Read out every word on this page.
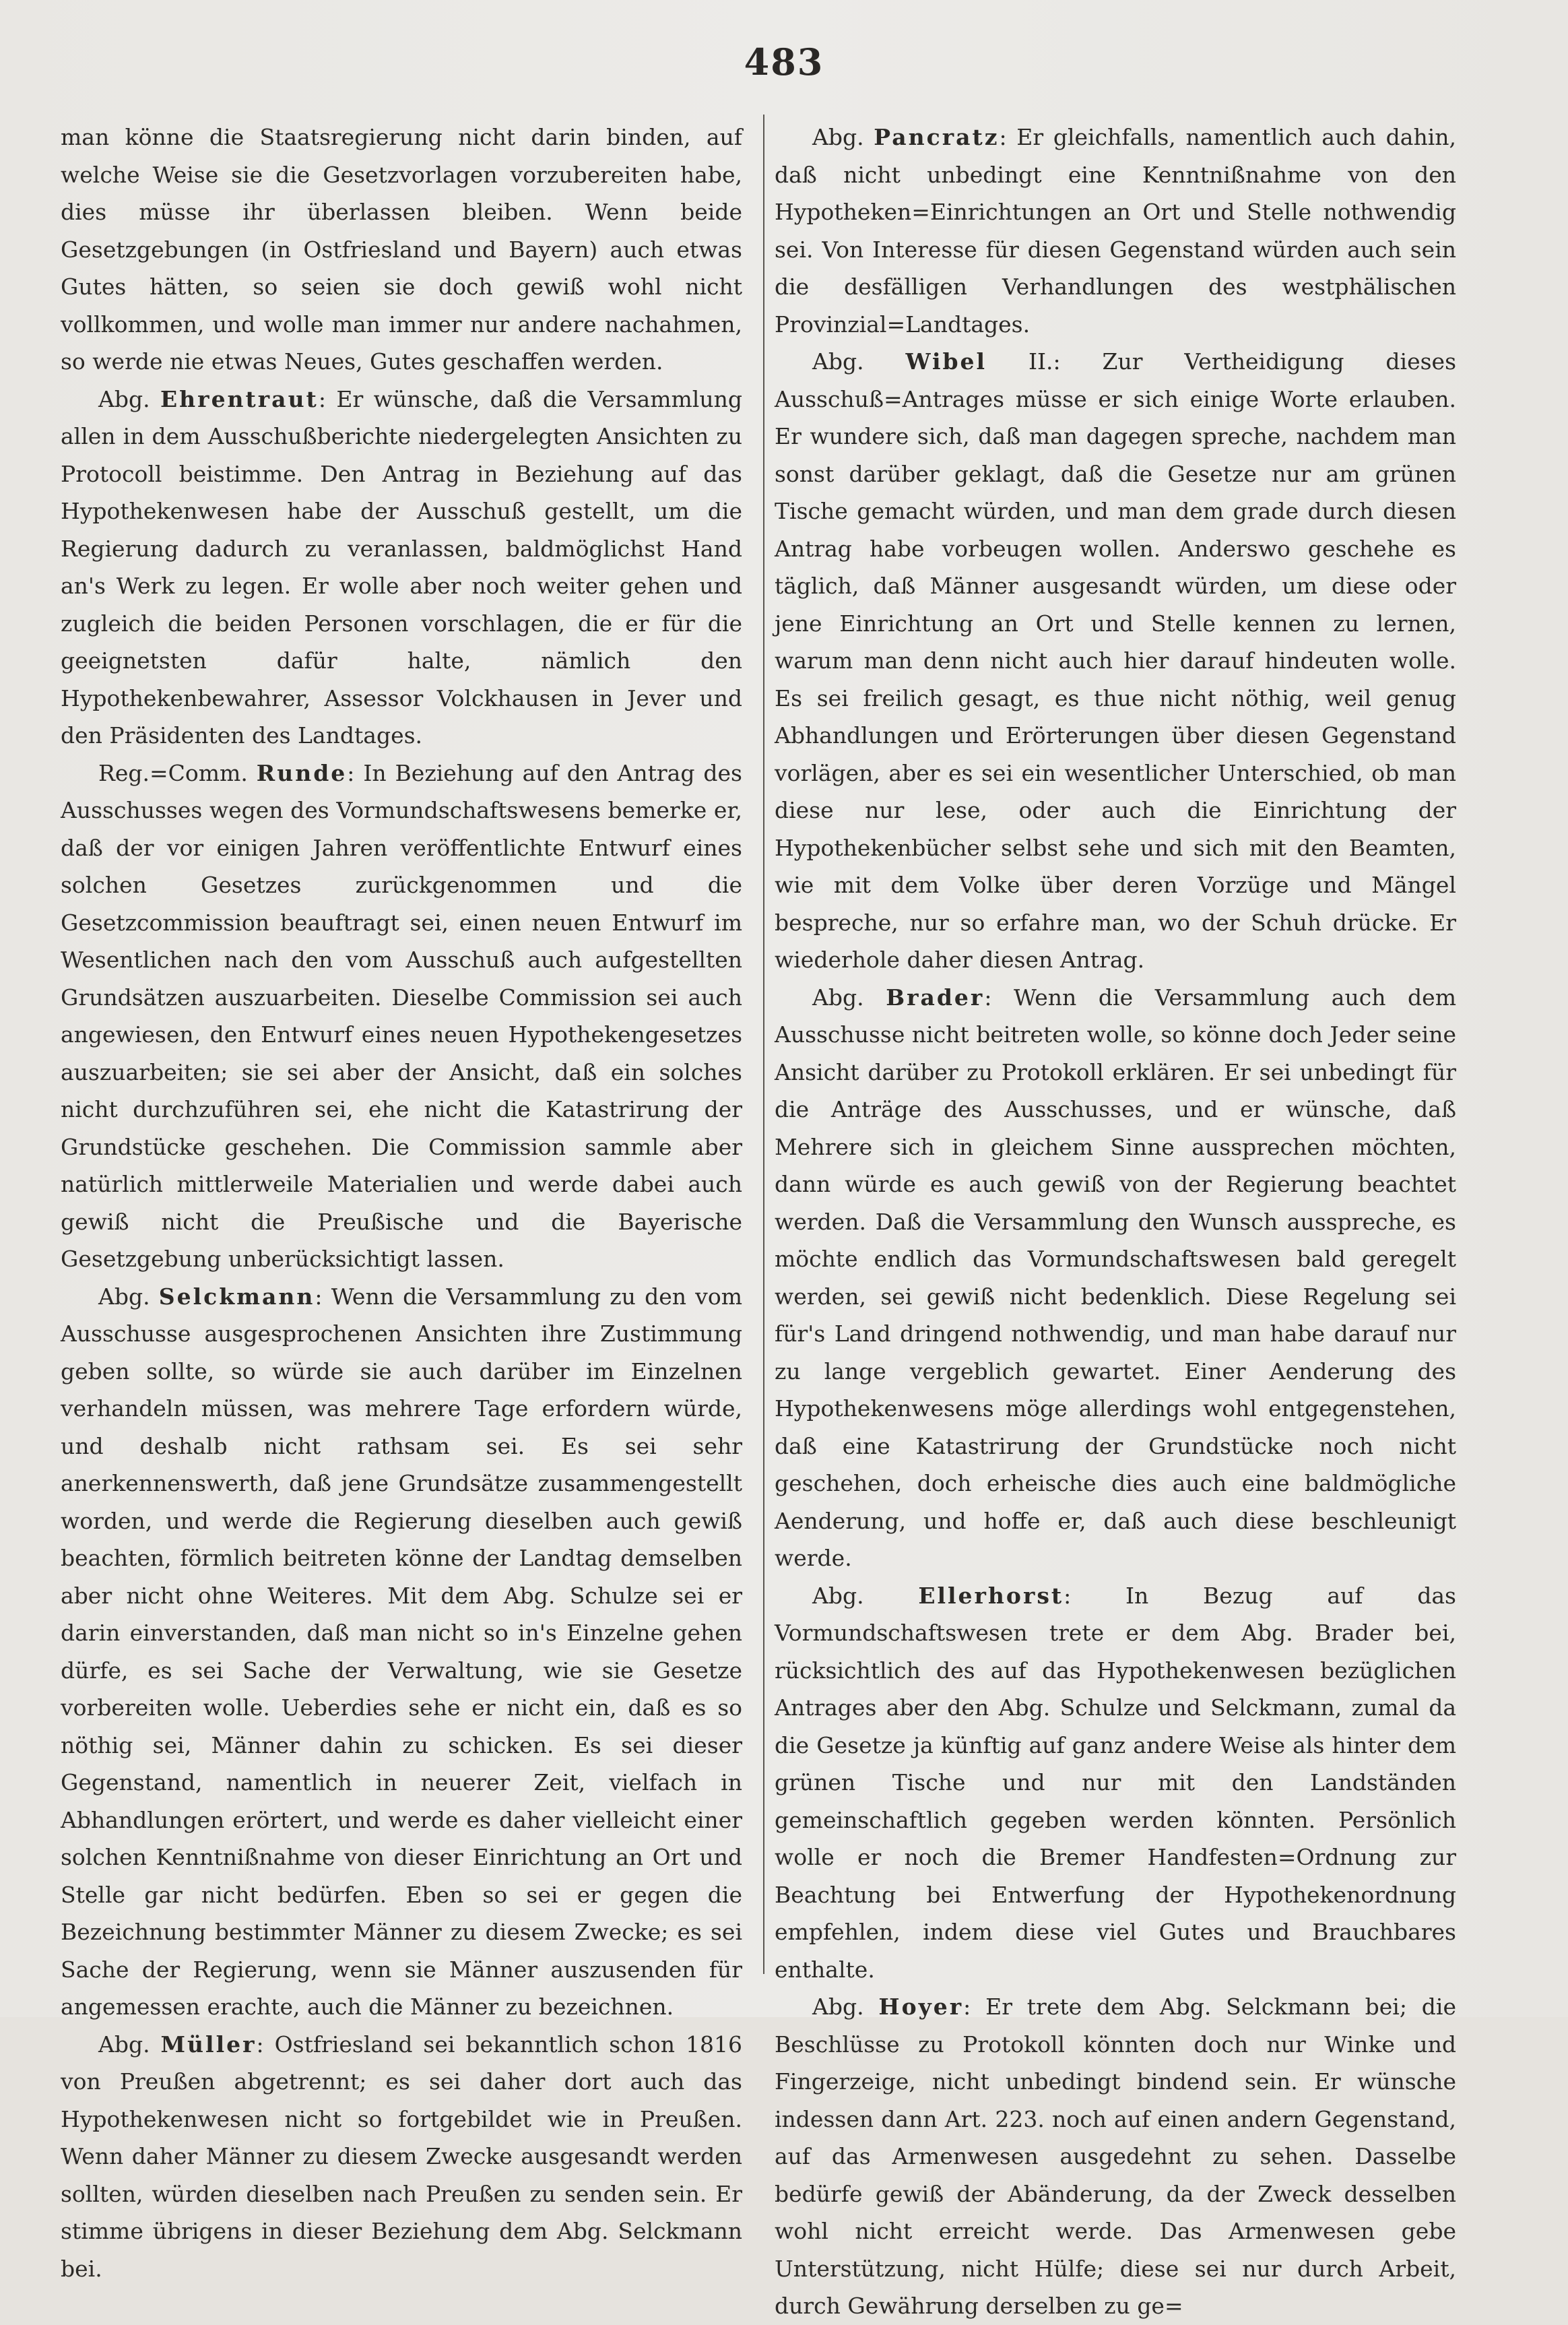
483

man könne die Staatsregierung nicht darin binden, auf welche Weise sie die Gesetzvorlagen vorzubereiten habe, dies müsse ihr überlassen bleiben. Wenn beide Gesetzgebungen (in Ostfriesland und Bayern) auch etwas Gutes hätten, so seien sie doch gewiß wohl nicht vollkommen, und wolle man immer nur andere nachahmen, so werde nie etwas Neues, Gutes geschaffen werden.

Abg. Ehrentraut: Er wünsche, daß die Versammlung allen in dem Ausschußberichte niedergelegten Ansichten zu Protocoll beistimme. Den Antrag in Beziehung auf das Hypothekenwesen habe der Ausschuß gestellt, um die Regierung dadurch zu veranlassen, baldmöglichst Hand an's Werk zu legen. Er wolle aber noch weiter gehen und zugleich die beiden Personen vorschlagen, die er für die geeignetsten dafür halte, nämlich den Hypothekenbewahrer, Assessor Volckhausen in Jever und den Präsidenten des Landtages.

Reg.=Comm. Runde: In Beziehung auf den Antrag des Ausschusses wegen des Vormundschaftswesens bemerke er, daß der vor einigen Jahren veröffentlichte Entwurf eines solchen Gesetzes zurückgenommen und die Gesetzcommission beauftragt sei, einen neuen Entwurf im Wesentlichen nach den vom Ausschuß auch aufgestellten Grundsätzen auszuarbeiten. Dieselbe Commission sei auch angewiesen, den Entwurf eines neuen Hypothekengesetzes auszuarbeiten; sie sei aber der Ansicht, daß ein solches nicht durchzuführen sei, ehe nicht die Katastrirung der Grundstücke geschehen. Die Commission sammle aber natürlich mittlerweile Materialien und werde dabei auch gewiß nicht die Preußische und die Bayerische Gesetzgebung unberücksichtigt lassen.

Abg. Selckmann: Wenn die Versammlung zu den vom Ausschusse ausgesprochenen Ansichten ihre Zustimmung geben sollte, so würde sie auch darüber im Einzelnen verhandeln müssen, was mehrere Tage erfordern würde, und deshalb nicht rathsam sei. Es sei sehr anerkennenswerth, daß jene Grundsätze zusammengestellt worden, und werde die Regierung dieselben auch gewiß beachten, förmlich beitreten könne der Landtag demselben aber nicht ohne Weiteres. Mit dem Abg. Schulze sei er darin einverstanden, daß man nicht so in's Einzelne gehen dürfe, es sei Sache der Verwaltung, wie sie Gesetze vorbereiten wolle. Ueberdies sehe er nicht ein, daß es so nöthig sei, Männer dahin zu schicken. Es sei dieser Gegenstand, namentlich in neuerer Zeit, vielfach in Abhandlungen erörtert, und werde es daher vielleicht einer solchen Kenntnißnahme von dieser Einrichtung an Ort und Stelle gar nicht bedürfen. Eben so sei er gegen die Bezeichnung bestimmter Männer zu diesem Zwecke; es sei Sache der Regierung, wenn sie Männer auszusenden für angemessen erachte, auch die Männer zu bezeichnen.

Abg. Müller: Ostfriesland sei bekanntlich schon 1816 von Preußen abgetrennt; es sei daher dort auch das Hypothekenwesen nicht so fortgebildet wie in Preußen. Wenn daher Männer zu diesem Zwecke ausgesandt werden sollten, würden dieselben nach Preußen zu senden sein. Er stimme übrigens in dieser Beziehung dem Abg. Selckmann bei.

Abg. Pancratz: Er gleichfalls, namentlich auch dahin, daß nicht unbedingt eine Kenntnißnahme von den Hypotheken=Einrichtungen an Ort und Stelle nothwendig sei. Von Interesse für diesen Gegenstand würden auch sein die desfälligen Verhandlungen des westphälischen Provinzial=Landtages.

Abg. Wibel II.: Zur Vertheidigung dieses Ausschuß=Antrages müsse er sich einige Worte erlauben. Er wundere sich, daß man dagegen spreche, nachdem man sonst darüber geklagt, daß die Gesetze nur am grünen Tische gemacht würden, und man dem grade durch diesen Antrag habe vorbeugen wollen. Anderswo geschehe es täglich, daß Männer ausgesandt würden, um diese oder jene Einrichtung an Ort und Stelle kennen zu lernen, warum man denn nicht auch hier darauf hindeuten wolle. Es sei freilich gesagt, es thue nicht nöthig, weil genug Abhandlungen und Erörterungen über diesen Gegenstand vorlägen, aber es sei ein wesentlicher Unterschied, ob man diese nur lese, oder auch die Einrichtung der Hypothekenbücher selbst sehe und sich mit den Beamten, wie mit dem Volke über deren Vorzüge und Mängel bespreche, nur so erfahre man, wo der Schuh drücke. Er wiederhole daher diesen Antrag.

Abg. Brader: Wenn die Versammlung auch dem Ausschusse nicht beitreten wolle, so könne doch Jeder seine Ansicht darüber zu Protokoll erklären. Er sei unbedingt für die Anträge des Ausschusses, und er wünsche, daß Mehrere sich in gleichem Sinne aussprechen möchten, dann würde es auch gewiß von der Regierung beachtet werden. Daß die Versammlung den Wunsch ausspreche, es möchte endlich das Vormundschaftswesen bald geregelt werden, sei gewiß nicht bedenklich. Diese Regelung sei für's Land dringend nothwendig, und man habe darauf nur zu lange vergeblich gewartet. Einer Aenderung des Hypothekenwesens möge allerdings wohl entgegenstehen, daß eine Katastrirung der Grundstücke noch nicht geschehen, doch erheische dies auch eine baldmögliche Aenderung, und hoffe er, daß auch diese beschleunigt werde.

Abg. Ellerhorst: In Bezug auf das Vormundschaftswesen trete er dem Abg. Brader bei, rücksichtlich des auf das Hypothekenwesen bezüglichen Antrages aber den Abg. Schulze und Selckmann, zumal da die Gesetze ja künftig auf ganz andere Weise als hinter dem grünen Tische und nur mit den Landständen gemeinschaftlich gegeben werden könnten. Persönlich wolle er noch die Bremer Handfesten=Ordnung zur Beachtung bei Entwerfung der Hypothekenordnung empfehlen, indem diese viel Gutes und Brauchbares enthalte.

Abg. Hoyer: Er trete dem Abg. Selckmann bei; die Beschlüsse zu Protokoll könnten doch nur Winke und Fingerzeige, nicht unbedingt bindend sein. Er wünsche indessen dann Art. 223. noch auf einen andern Gegenstand, auf das Armenwesen ausgedehnt zu sehen. Dasselbe bedürfe gewiß der Abänderung, da der Zweck desselben wohl nicht erreicht werde. Das Armenwesen gebe Unterstützung, nicht Hülfe; diese sei nur durch Arbeit, durch Gewährung derselben zu ge=
